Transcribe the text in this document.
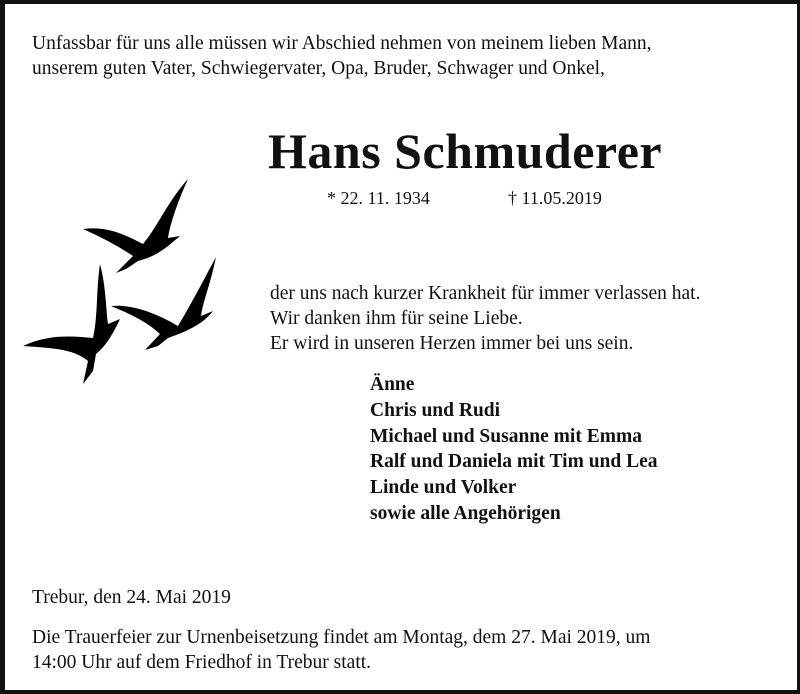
Unfassbar für uns alle müssen wir Abschied nehmen von meinem lieben Mann,
unserem guten Vater, Schwiegervater, Opa, Bruder, Schwager und Onkel,
Hans Schmuderer
* 22. 11. 1934	† 11.05.2019
der uns nach kurzer Krankheit für immer verlassen hat.
Wir danken ihm für seine Liebe.
Er wird in unseren Herzen immer bei uns sein.
Änne
Chris und Rudi
Michael und Susanne mit Emma
Ralf und Daniela mit Tim und Lea
Linde und Volker
sowie alle Angehörigen
Trebur, den 24. Mai 2019
Die Trauerfeier zur Urnenbeisetzung findet am Montag, dem 27. Mai 2019, um
14:00 Uhr auf dem Friedhof in Trebur statt.
